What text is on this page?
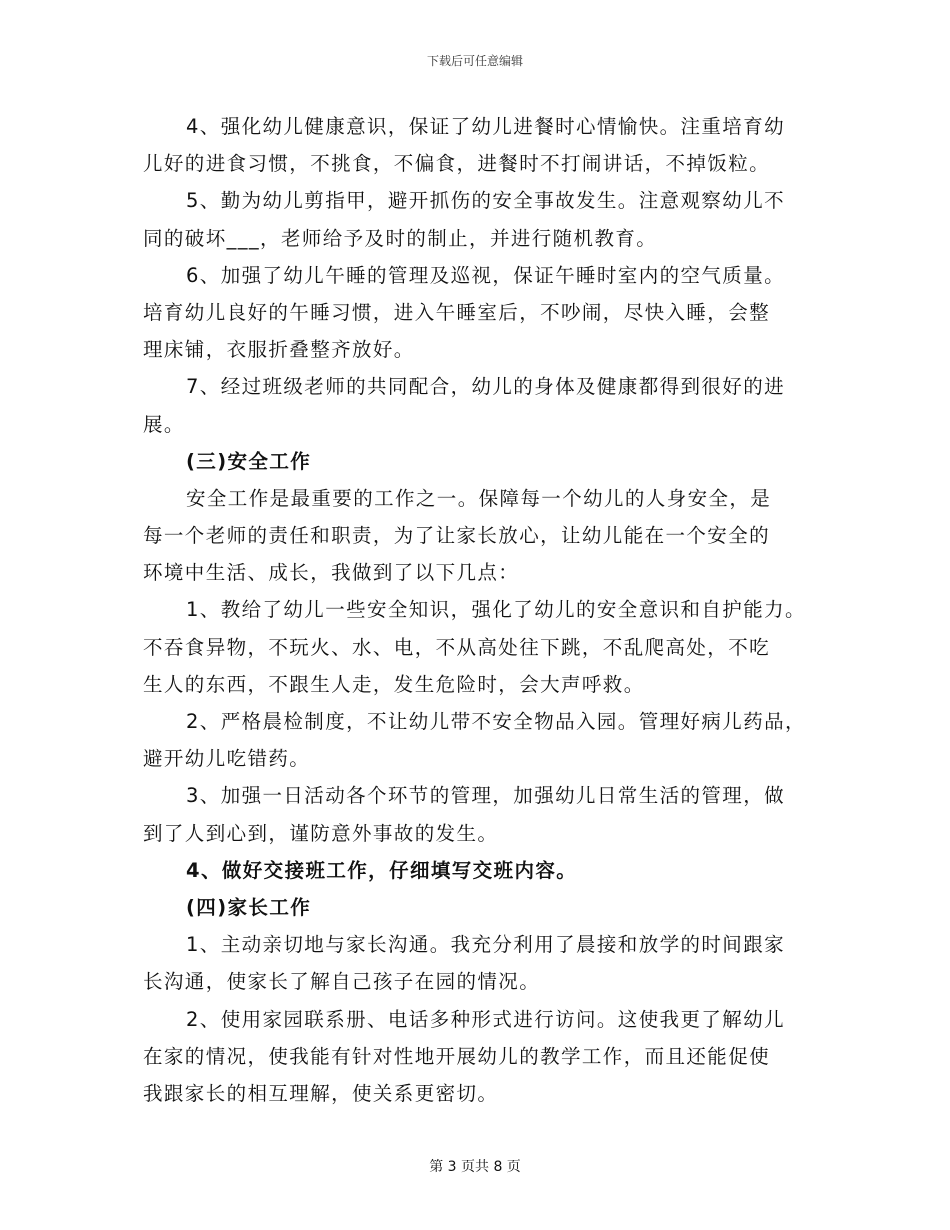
下载后可任意编辑
4、强化幼儿健康意识，保证了幼儿进餐时心情愉快。注重培育幼
儿好的进食习惯，不挑食，不偏食，进餐时不打闹讲话，不掉饭粒。
5、勤为幼儿剪指甲，避开抓伤的安全事故发生。注意观察幼儿不
同的破坏___，老师给予及时的制止，并进行随机教育。
6、加强了幼儿午睡的管理及巡视，保证午睡时室内的空气质量。
培育幼儿良好的午睡习惯，进入午睡室后，不吵闹，尽快入睡，会整
理床铺，衣服折叠整齐放好。
7、经过班级老师的共同配合，幼儿的身体及健康都得到很好的进
展。
(三)安全工作
安全工作是最重要的工作之一。保障每一个幼儿的人身安全，是
每一个老师的责任和职责，为了让家长放心，让幼儿能在一个安全的
环境中生活、成长，我做到了以下几点：
1、教给了幼儿一些安全知识，强化了幼儿的安全意识和自护能力。
不吞食异物，不玩火、水、电，不从高处往下跳，不乱爬高处，不吃
生人的东西，不跟生人走，发生危险时，会大声呼救。
2、严格晨检制度，不让幼儿带不安全物品入园。管理好病儿药品，
避开幼儿吃错药。
3、加强一日活动各个环节的管理，加强幼儿日常生活的管理，做
到了人到心到，谨防意外事故的发生。
4、做好交接班工作，仔细填写交班内容。
(四)家长工作
1、主动亲切地与家长沟通。我充分利用了晨接和放学的时间跟家
长沟通，使家长了解自己孩子在园的情况。
2、使用家园联系册、电话多种形式进行访问。这使我更了解幼儿
在家的情况，使我能有针对性地开展幼儿的教学工作，而且还能促使
我跟家长的相互理解，使关系更密切。
第 3 页共 8 页
